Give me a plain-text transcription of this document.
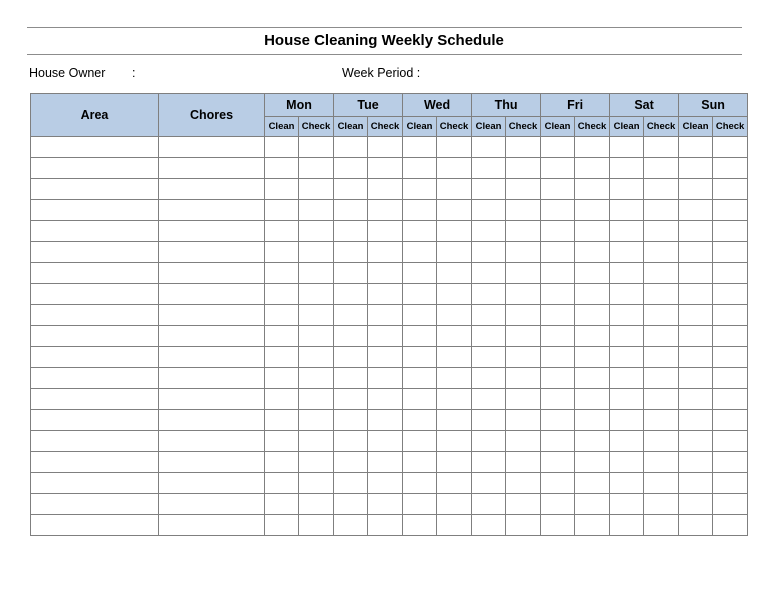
House Cleaning Weekly Schedule
House Owner :	Week Period :
Area	Chores	Mon		Tue		Wed		Thu		Fri		Sat		Sun	
		Clean	Check	Clean	Check	Clean	Check	Clean	Check	Clean	Check	Clean	Check	Clean	Check
